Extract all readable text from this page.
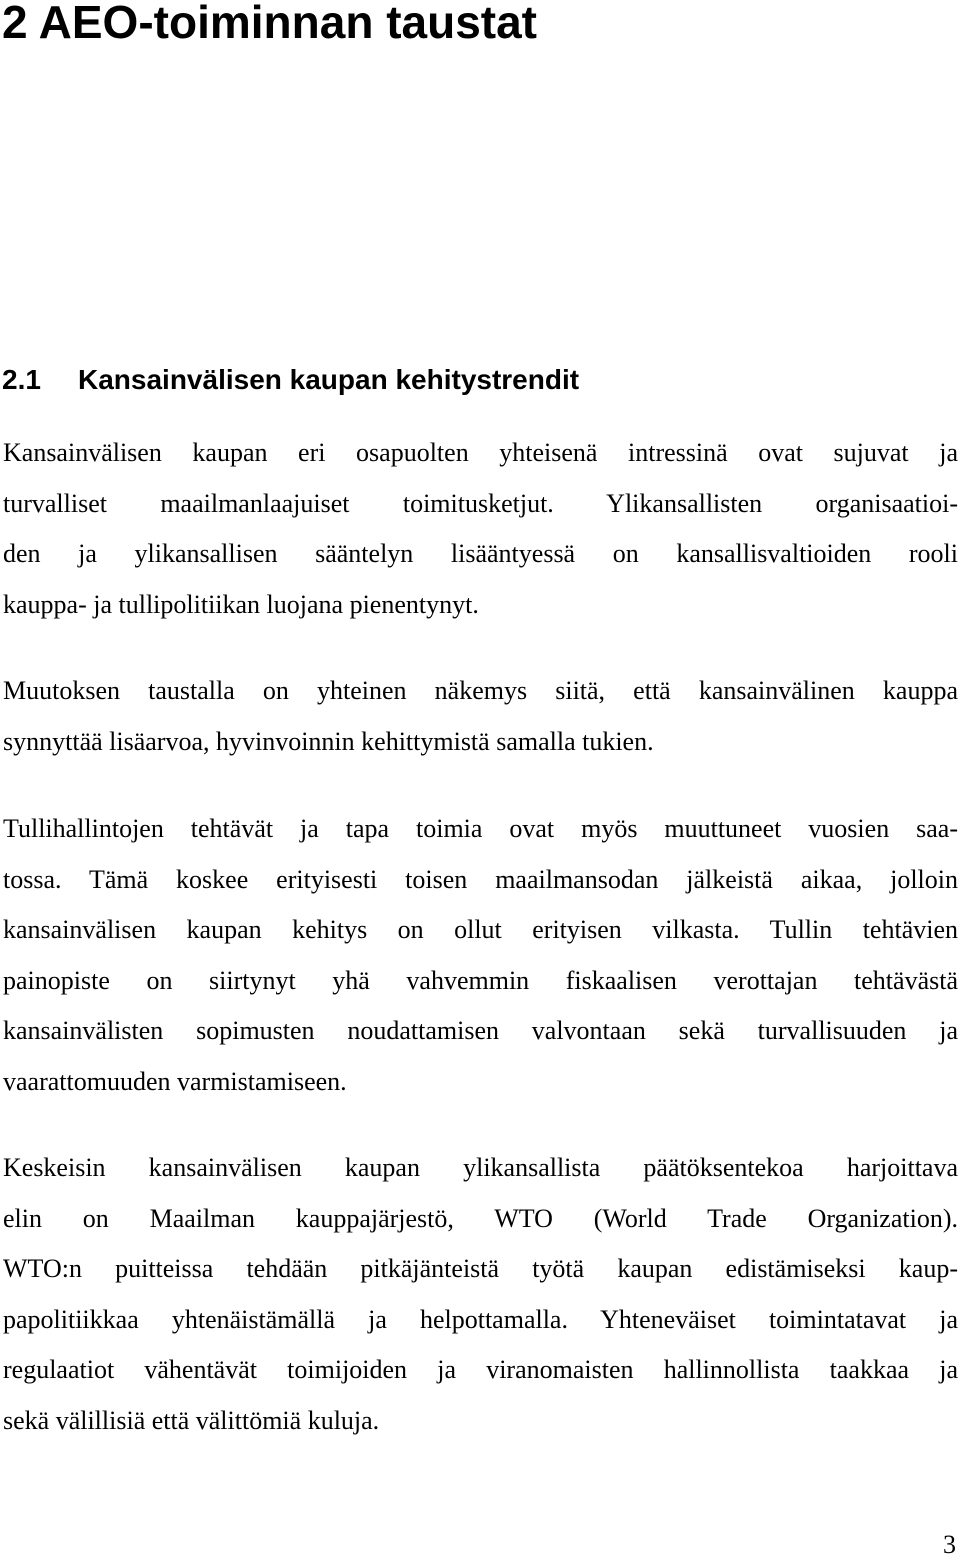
2 AEO-toiminnan taustat
2.1 Kansainvälisen kaupan kehitystrendit

Kansainvälisen kaupan eri osapuolten yhteisenä intressinä ovat sujuvat ja
turvalliset maailmanlaajuiset toimitusketjut. Ylikansallisten organisaatioi-
den ja ylikansallisen sääntelyn lisääntyessä on kansallisvaltioiden rooli
kauppa- ja tullipolitiikan luojana pienentynyt.

Muutoksen taustalla on yhteinen näkemys siitä, että kansainvälinen kauppa
synnyttää lisäarvoa, hyvinvoinnin kehittymistä samalla tukien.

Tullihallintojen tehtävät ja tapa toimia ovat myös muuttuneet vuosien saa-
tossa. Tämä koskee erityisesti toisen maailmansodan jälkeistä aikaa, jolloin
kansainvälisen kaupan kehitys on ollut erityisen vilkasta. Tullin tehtävien
painopiste on siirtynyt yhä vahvemmin fiskaalisen verottajan tehtävästä
kansainvälisten sopimusten noudattamisen valvontaan sekä turvallisuuden ja
vaarattomuuden varmistamiseen.

Keskeisin kansainvälisen kaupan ylikansallista päätöksentekoa harjoittava
elin on Maailman kauppajärjestö, WTO (World Trade Organization).
WTO:n puitteissa tehdään pitkäjänteistä työtä kaupan edistämiseksi kaup-
papolitiikkaa yhtenäistämällä ja helpottamalla. Yhteneväiset toimintatavat ja
regulaatiot vähentävät toimijoiden ja viranomaisten hallinnollista taakkaa ja
sekä välillisiä että välittömiä kuluja.

3
